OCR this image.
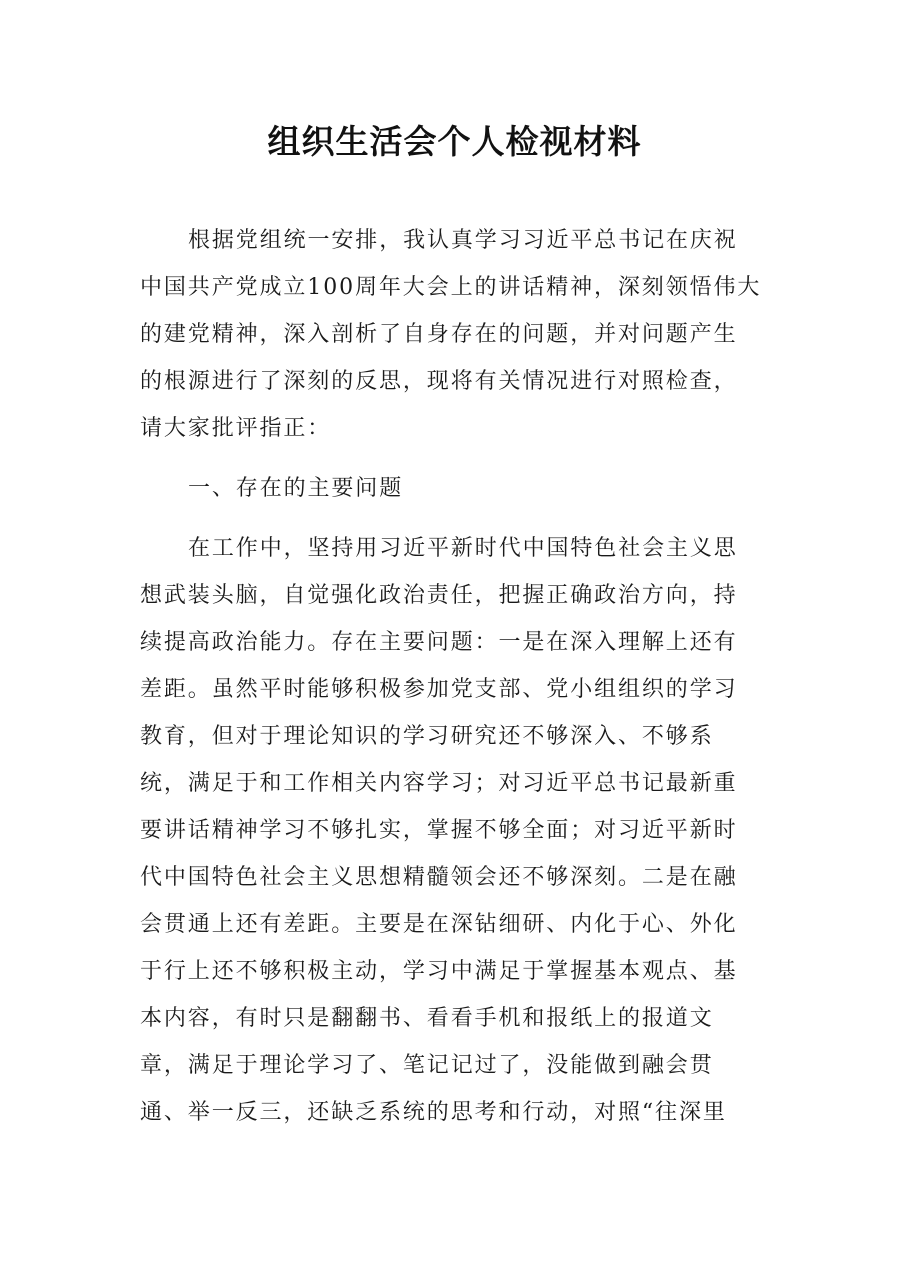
组织生活会个人检视材料
根据党组统一安排，我认真学习习近平总书记在庆祝
中国共产党成立100周年大会上的讲话精神，深刻领悟伟大
的建党精神，深入剖析了自身存在的问题，并对问题产生
的根源进行了深刻的反思，现将有关情况进行对照检查，
请大家批评指正：
一、存在的主要问题
在工作中，坚持用习近平新时代中国特色社会主义思
想武装头脑，自觉强化政治责任，把握正确政治方向，持
续提高政治能力。存在主要问题：一是在深入理解上还有
差距。虽然平时能够积极参加党支部、党小组组织的学习
教育，但对于理论知识的学习研究还不够深入、不够系
统，满足于和工作相关内容学习；对习近平总书记最新重
要讲话精神学习不够扎实，掌握不够全面；对习近平新时
代中国特色社会主义思想精髓领会还不够深刻。二是在融
会贯通上还有差距。主要是在深钻细研、内化于心、外化
于行上还不够积极主动，学习中满足于掌握基本观点、基
本内容，有时只是翻翻书、看看手机和报纸上的报道文
章，满足于理论学习了、笔记记过了，没能做到融会贯
通、举一反三，还缺乏系统的思考和行动，对照“往深里
